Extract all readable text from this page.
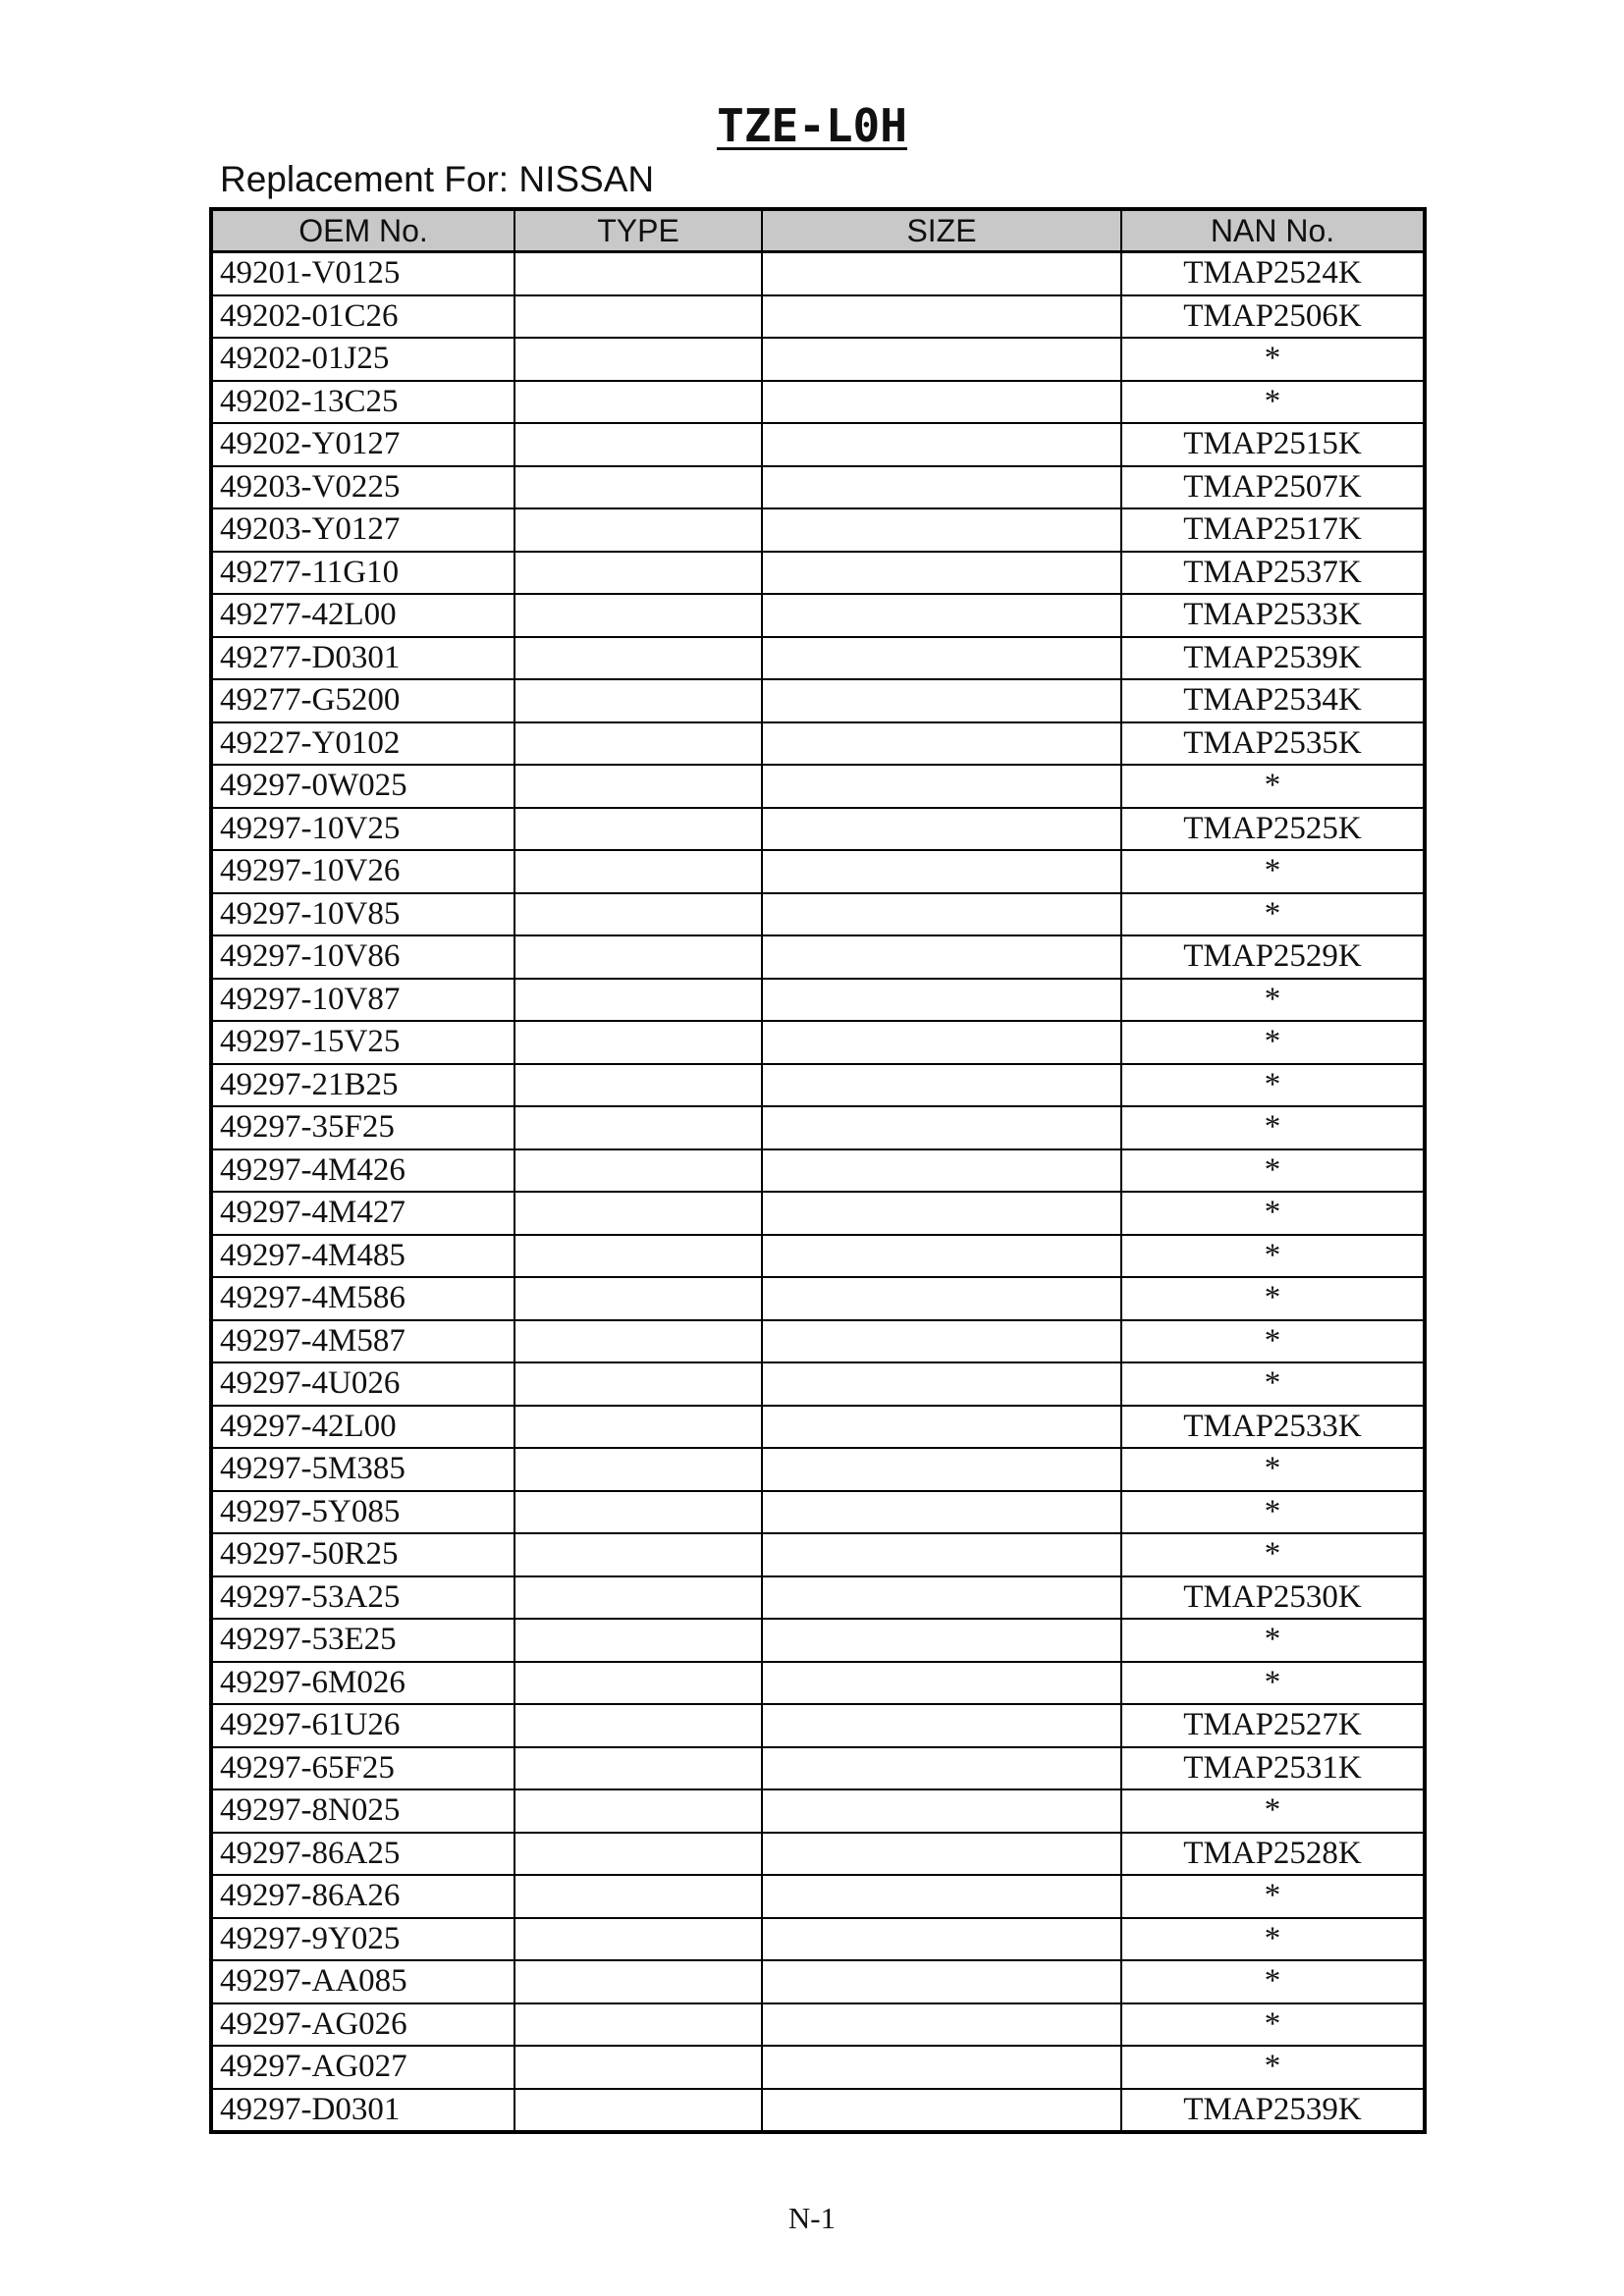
TZE-L0H
Replacement For: NISSAN
OEM No.	TYPE	SIZE	NAN No.
49201-V0125			TMAP2524K
49202-01C26			TMAP2506K
49202-01J25			*
49202-13C25			*
49202-Y0127			TMAP2515K
49203-V0225			TMAP2507K
49203-Y0127			TMAP2517K
49277-11G10			TMAP2537K
49277-42L00			TMAP2533K
49277-D0301			TMAP2539K
49277-G5200			TMAP2534K
49227-Y0102			TMAP2535K
49297-0W025			*
49297-10V25			TMAP2525K
49297-10V26			*
49297-10V85			*
49297-10V86			TMAP2529K
49297-10V87			*
49297-15V25			*
49297-21B25			*
49297-35F25			*
49297-4M426			*
49297-4M427			*
49297-4M485			*
49297-4M586			*
49297-4M587			*
49297-4U026			*
49297-42L00			TMAP2533K
49297-5M385			*
49297-5Y085			*
49297-50R25			*
49297-53A25			TMAP2530K
49297-53E25			*
49297-6M026			*
49297-61U26			TMAP2527K
49297-65F25			TMAP2531K
49297-8N025			*
49297-86A25			TMAP2528K
49297-86A26			*
49297-9Y025			*
49297-AA085			*
49297-AG026			*
49297-AG027			*
49297-D0301			TMAP2539K
N-1
